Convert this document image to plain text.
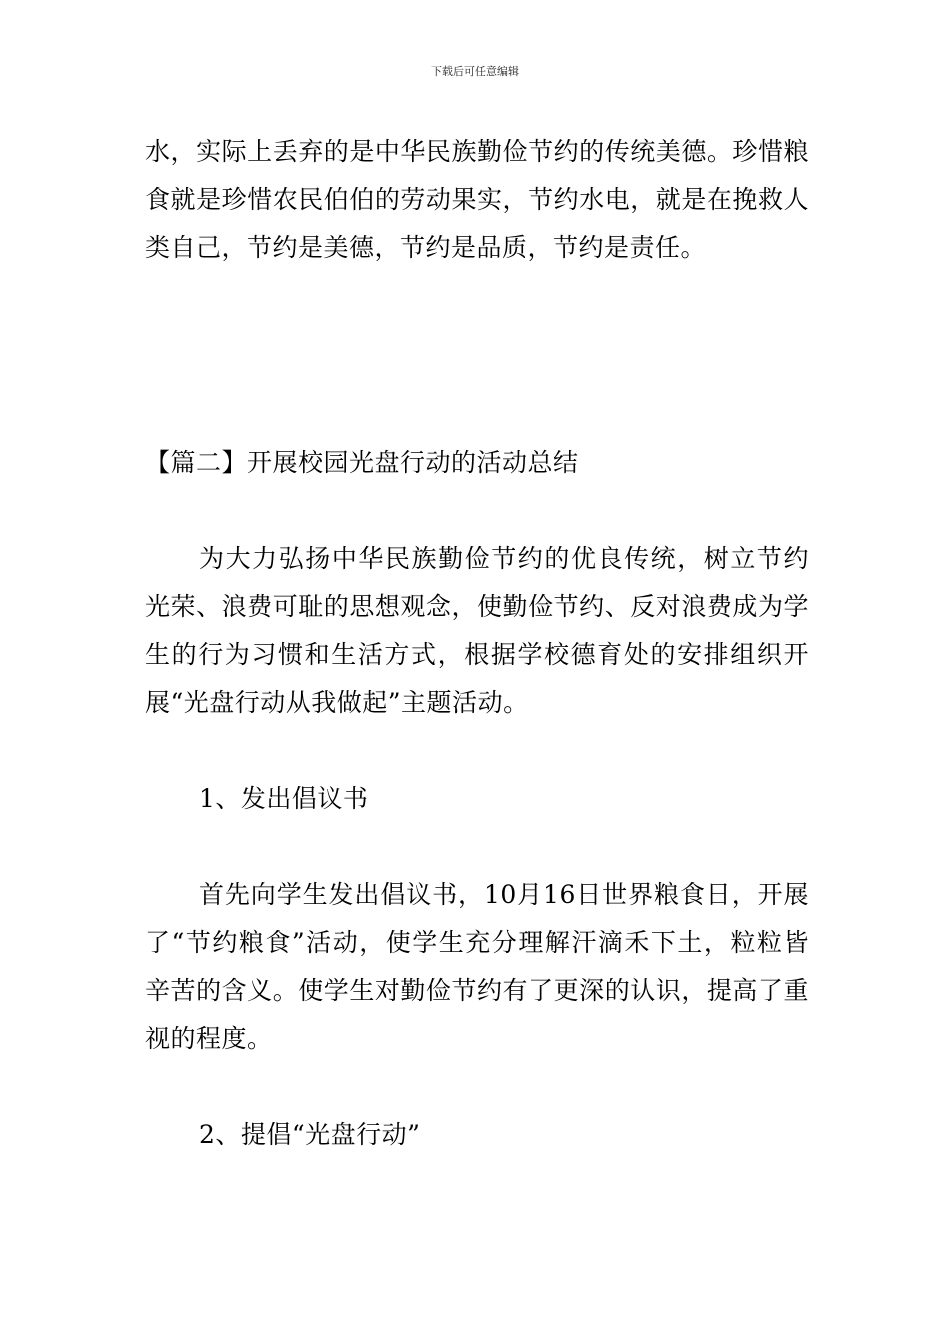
下载后可任意编辑

水，实际上丢弃的是中华民族勤俭节约的传统美德。珍惜粮食就是珍惜农民伯伯的劳动果实，节约水电，就是在挽救人类自己，节约是美德，节约是品质，节约是责任。

【篇二】开展校园光盘行动的活动总结

为大力弘扬中华民族勤俭节约的优良传统，树立节约光荣、浪费可耻的思想观念，使勤俭节约、反对浪费成为学生的行为习惯和生活方式，根据学校德育处的安排组织开展“光盘行动从我做起”主题活动。

1、发出倡议书

首先向学生发出倡议书，10月16日世界粮食日，开展了“节约粮食”活动，使学生充分理解汗滴禾下土，粒粒皆辛苦的含义。使学生对勤俭节约有了更深的认识，提高了重视的程度。

2、提倡“光盘行动”
